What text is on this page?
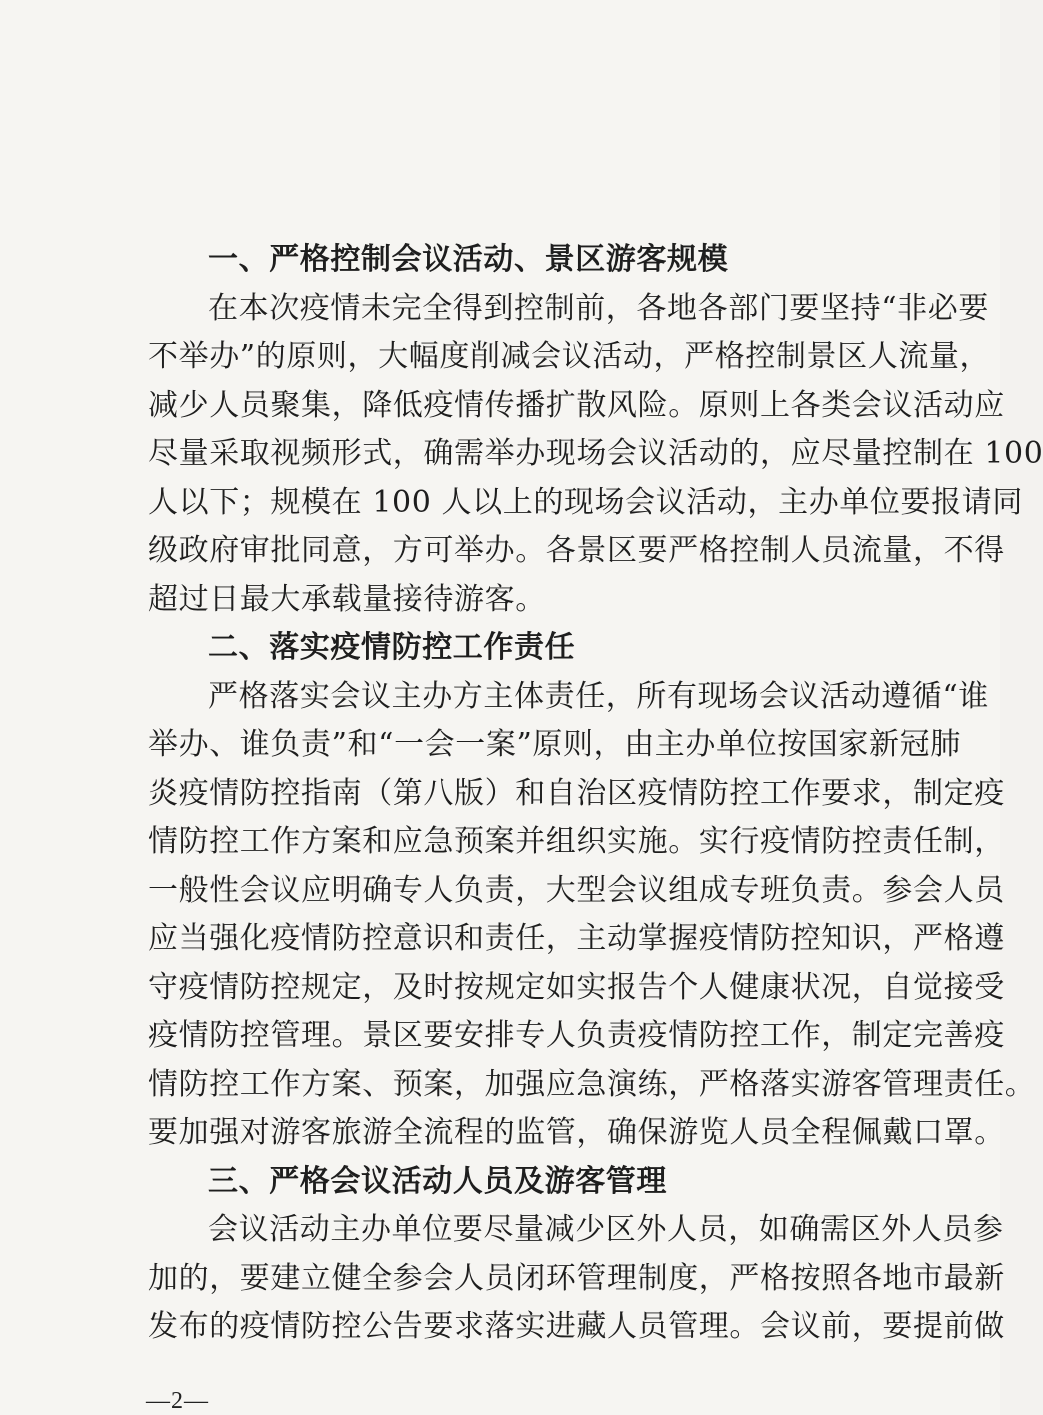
一、严格控制会议活动、景区游客规模
在本次疫情未完全得到控制前，各地各部门要坚持“非必要
不举办”的原则，大幅度削减会议活动，严格控制景区人流量，
减少人员聚集，降低疫情传播扩散风险。原则上各类会议活动应
尽量采取视频形式，确需举办现场会议活动的，应尽量控制在 100
人以下；规模在 100 人以上的现场会议活动，主办单位要报请同
级政府审批同意，方可举办。各景区要严格控制人员流量，不得
超过日最大承载量接待游客。
二、落实疫情防控工作责任
严格落实会议主办方主体责任，所有现场会议活动遵循“谁
举办、谁负责”和“一会一案”原则，由主办单位按国家新冠肺
炎疫情防控指南（第八版）和自治区疫情防控工作要求，制定疫
情防控工作方案和应急预案并组织实施。实行疫情防控责任制，
一般性会议应明确专人负责，大型会议组成专班负责。参会人员
应当强化疫情防控意识和责任，主动掌握疫情防控知识，严格遵
守疫情防控规定，及时按规定如实报告个人健康状况，自觉接受
疫情防控管理。景区要安排专人负责疫情防控工作，制定完善疫
情防控工作方案、预案，加强应急演练，严格落实游客管理责任。
要加强对游客旅游全流程的监管，确保游览人员全程佩戴口罩。
三、严格会议活动人员及游客管理
会议活动主办单位要尽量减少区外人员，如确需区外人员参
加的，要建立健全参会人员闭环管理制度，严格按照各地市最新
发布的疫情防控公告要求落实进藏人员管理。会议前，要提前做
—2—
